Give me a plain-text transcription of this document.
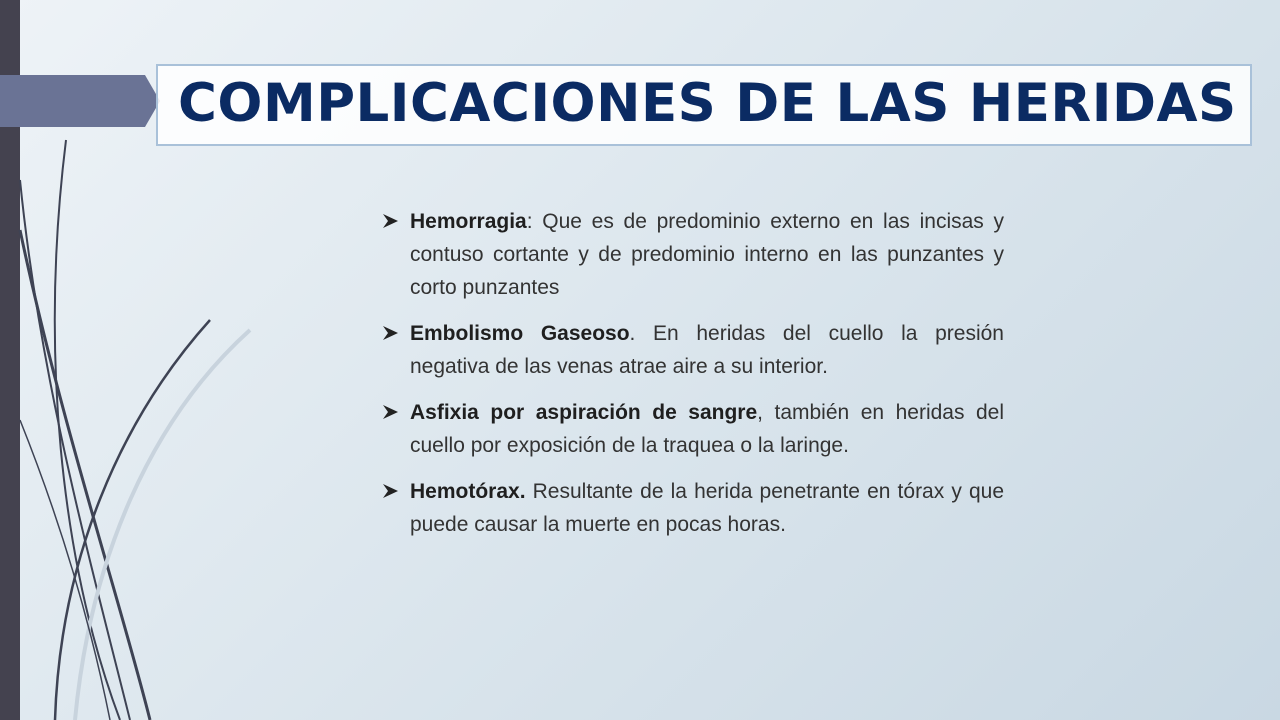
COMPLICACIONES DE LAS HERIDAS
Hemorragia: Que es de predominio externo en las incisas y contuso cortante y de predominio interno en las punzantes y corto punzantes
Embolismo Gaseoso. En heridas del cuello la presión negativa de las venas atrae aire a su interior.
Asfixia por aspiración de sangre, también en heridas del cuello por exposición de la traquea o la laringe.
Hemotórax. Resultante de la herida penetrante en tórax y que puede causar la muerte en pocas horas.
